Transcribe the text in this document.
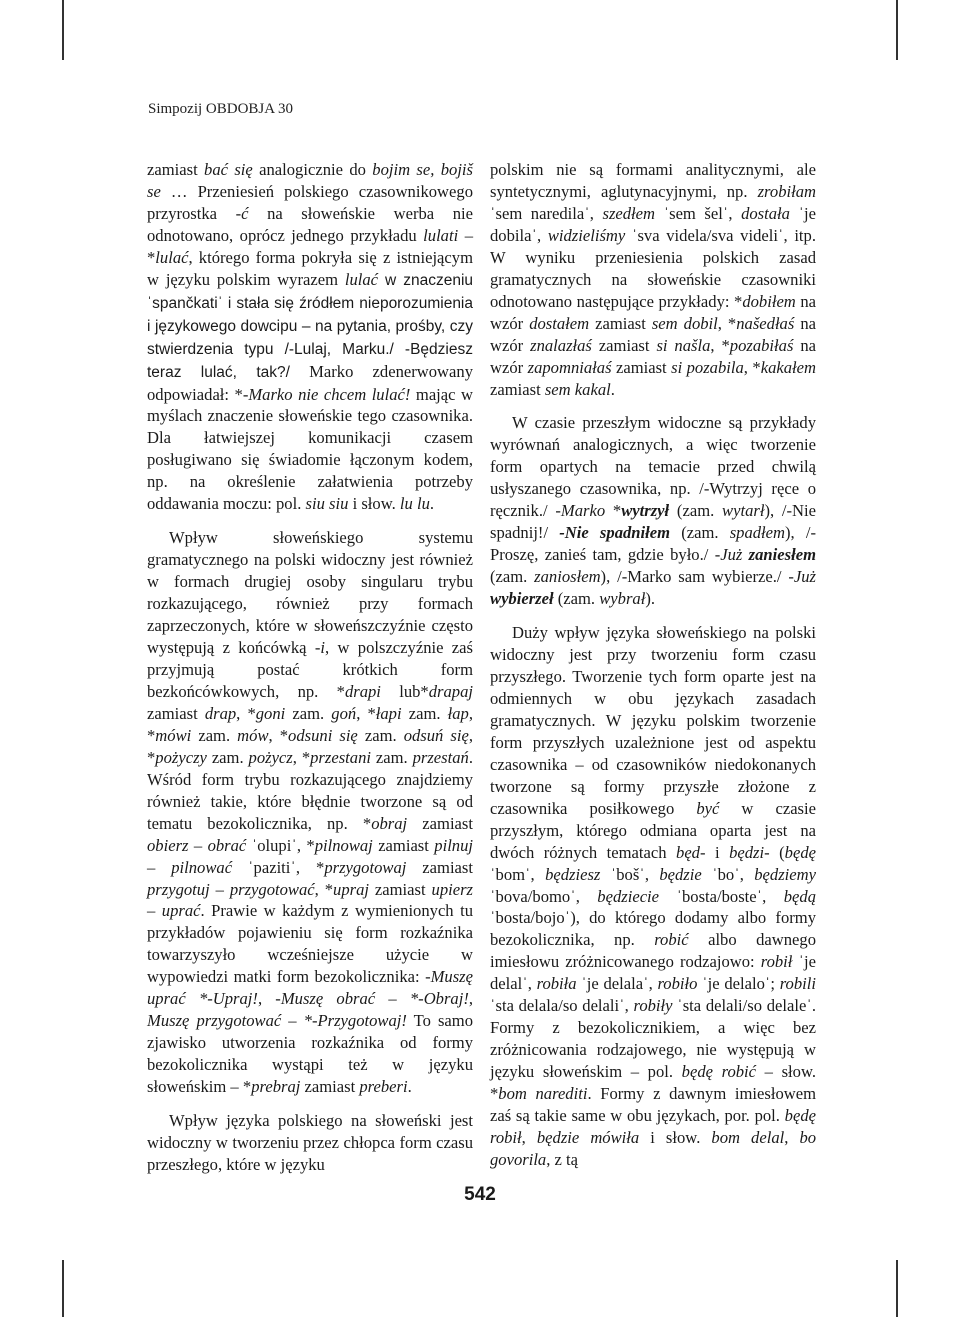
Simpozij OBDOBJA 30

zamiast bać się analogicznie do bojim se, bojiš se … Przeniesień polskiego czasownikowego przyrostka -ć na słoweńskie werba nie odnotowano, oprócz jednego przykładu lulati – *lulać, którego forma pokryła się z istniejącym w języku polskim wyrazem lulać w znaczeniu ˈspančkatiˈ i stała się źródłem nieporozumienia i językowego dowcipu – na pytania, prośby, czy stwierdzenia typu /-Lulaj, Marku./ -Będziesz teraz lulać, tak?/ Marko zdenerwowany odpowiadał: *-Marko nie chcem lulać! mając w myślach znaczenie słoweńskie tego czasownika. Dla łatwiejszej komunikacji czasem posługiwano się świadomie łączonym kodem, np. na określenie załatwienia potrzeby oddawania moczu: pol. siu siu i słow. lu lu.

Wpływ słoweńskiego systemu gramatycznego na polski widoczny jest również w formach drugiej osoby singularu trybu rozkazującego, również przy formach zaprzeczonych, które w słoweńszczyźnie często występują z końcówką -i, w polszczyźnie zaś przyjmują postać krótkich form bezkońcówkowych, np. *drapi lub*drapaj zamiast drap, *goni zam. goń, *łapi zam. łap, *mówi zam. mów, *odsuni się zam. odsuń się, *pożyczy zam. pożycz, *przestani zam. przestań. Wśród form trybu rozkazującego znajdziemy również takie, które błędnie tworzone są od tematu bezokolicznika, np. *obraj zamiast obierz – obrać ˈolupiˈ, *pilnowaj zamiast pilnuj – pilnować ˈpazitiˈ, *przygotowaj zamiast przygotuj – przygotować, *upraj zamiast upierz – uprać. Prawie w każdym z wymienionych tu przykładów pojawieniu się form rozkaźnika towarzyszyło wcześniejsze użycie w wypowiedzi matki form bezokolicznika: -Muszę uprać *-Upraj!, -Muszę obrać – *-Obraj!, Muszę przygotować – *-Przygotowaj! To samo zjawisko utworzenia rozkaźnika od formy bezokolicznika wystąpi też w języku słoweńskim – *prebraj zamiast preberi.

Wpływ języka polskiego na słoweński jest widoczny w tworzeniu przez chłopca form czasu przeszłego, które w języku

polskim nie są formami analitycznymi, ale syntetycznymi, aglutynacyjnymi, np. zrobiłam ˈsem naredilaˈ, szedłem ˈsem šelˈ, dostała ˈje dobilaˈ, widzieliśmy ˈsva videla/sva videliˈ, itp. W wyniku przeniesienia polskich zasad gramatycznych na słoweńskie czasowniki odnotowano następujące przykłady: *dobiłem na wzór dostałem zamiast sem dobil, *našedłaś na wzór znalazłaś zamiast si našla, *pozabiłaś na wzór zapomniałaś zamiast si pozabila, *kakałem zamiast sem kakal.

W czasie przeszłym widoczne są przykłady wyrównań analogicznych, a więc tworzenie form opartych na temacie przed chwilą usłyszanego czasownika, np. /-Wytrzyj ręce o ręcznik./ -Marko *wytrzył (zam. wytarł), /-Nie spadnij!/ -Nie spadniłem (zam. spadłem), /-Proszę, zanieś tam, gdzie było./ -Już zaniesłem (zam. zaniosłem), /-Marko sam wybierze./ -Już wybierzeł (zam. wybrał).

Duży wpływ języka słoweńskiego na polski widoczny jest przy tworzeniu form czasu przyszłego. Tworzenie tych form oparte jest na odmiennych w obu językach zasadach gramatycznych. W języku polskim tworzenie form przyszłych uzależnione jest od aspektu czasownika – od czasowników niedokonanych tworzone są formy przyszłe złożone z czasownika posiłkowego być w czasie przyszłym, którego odmiana oparta jest na dwóch różnych tematach będ- i będzi- (będę ˈbomˈ, będziesz ˈbošˈ, będzie ˈboˈ, będziemy ˈbova/bomoˈ, będziecie ˈbosta/bosteˈ, będą ˈbosta/bojoˈ), do którego dodamy albo formy bezokolicznika, np. robić albo dawnego imiesłowu zróżnicowanego rodzajowo: robił ˈje delalˈ, robiła ˈje delalaˈ, robiło ˈje delaloˈ; robili ˈsta delala/so delaliˈ, robiły ˈsta delali/so delaleˈ. Formy z bezokolicznikiem, a więc bez zróżnicowania rodzajowego, nie występują w języku słoweńskim – pol. będę robić – słow. *bom narediti. Formy z dawnym imiesłowem zaś są takie same w obu językach, por. pol. będę robił, będzie mówiła i słow. bom delal, bo govorila, z tą

542
